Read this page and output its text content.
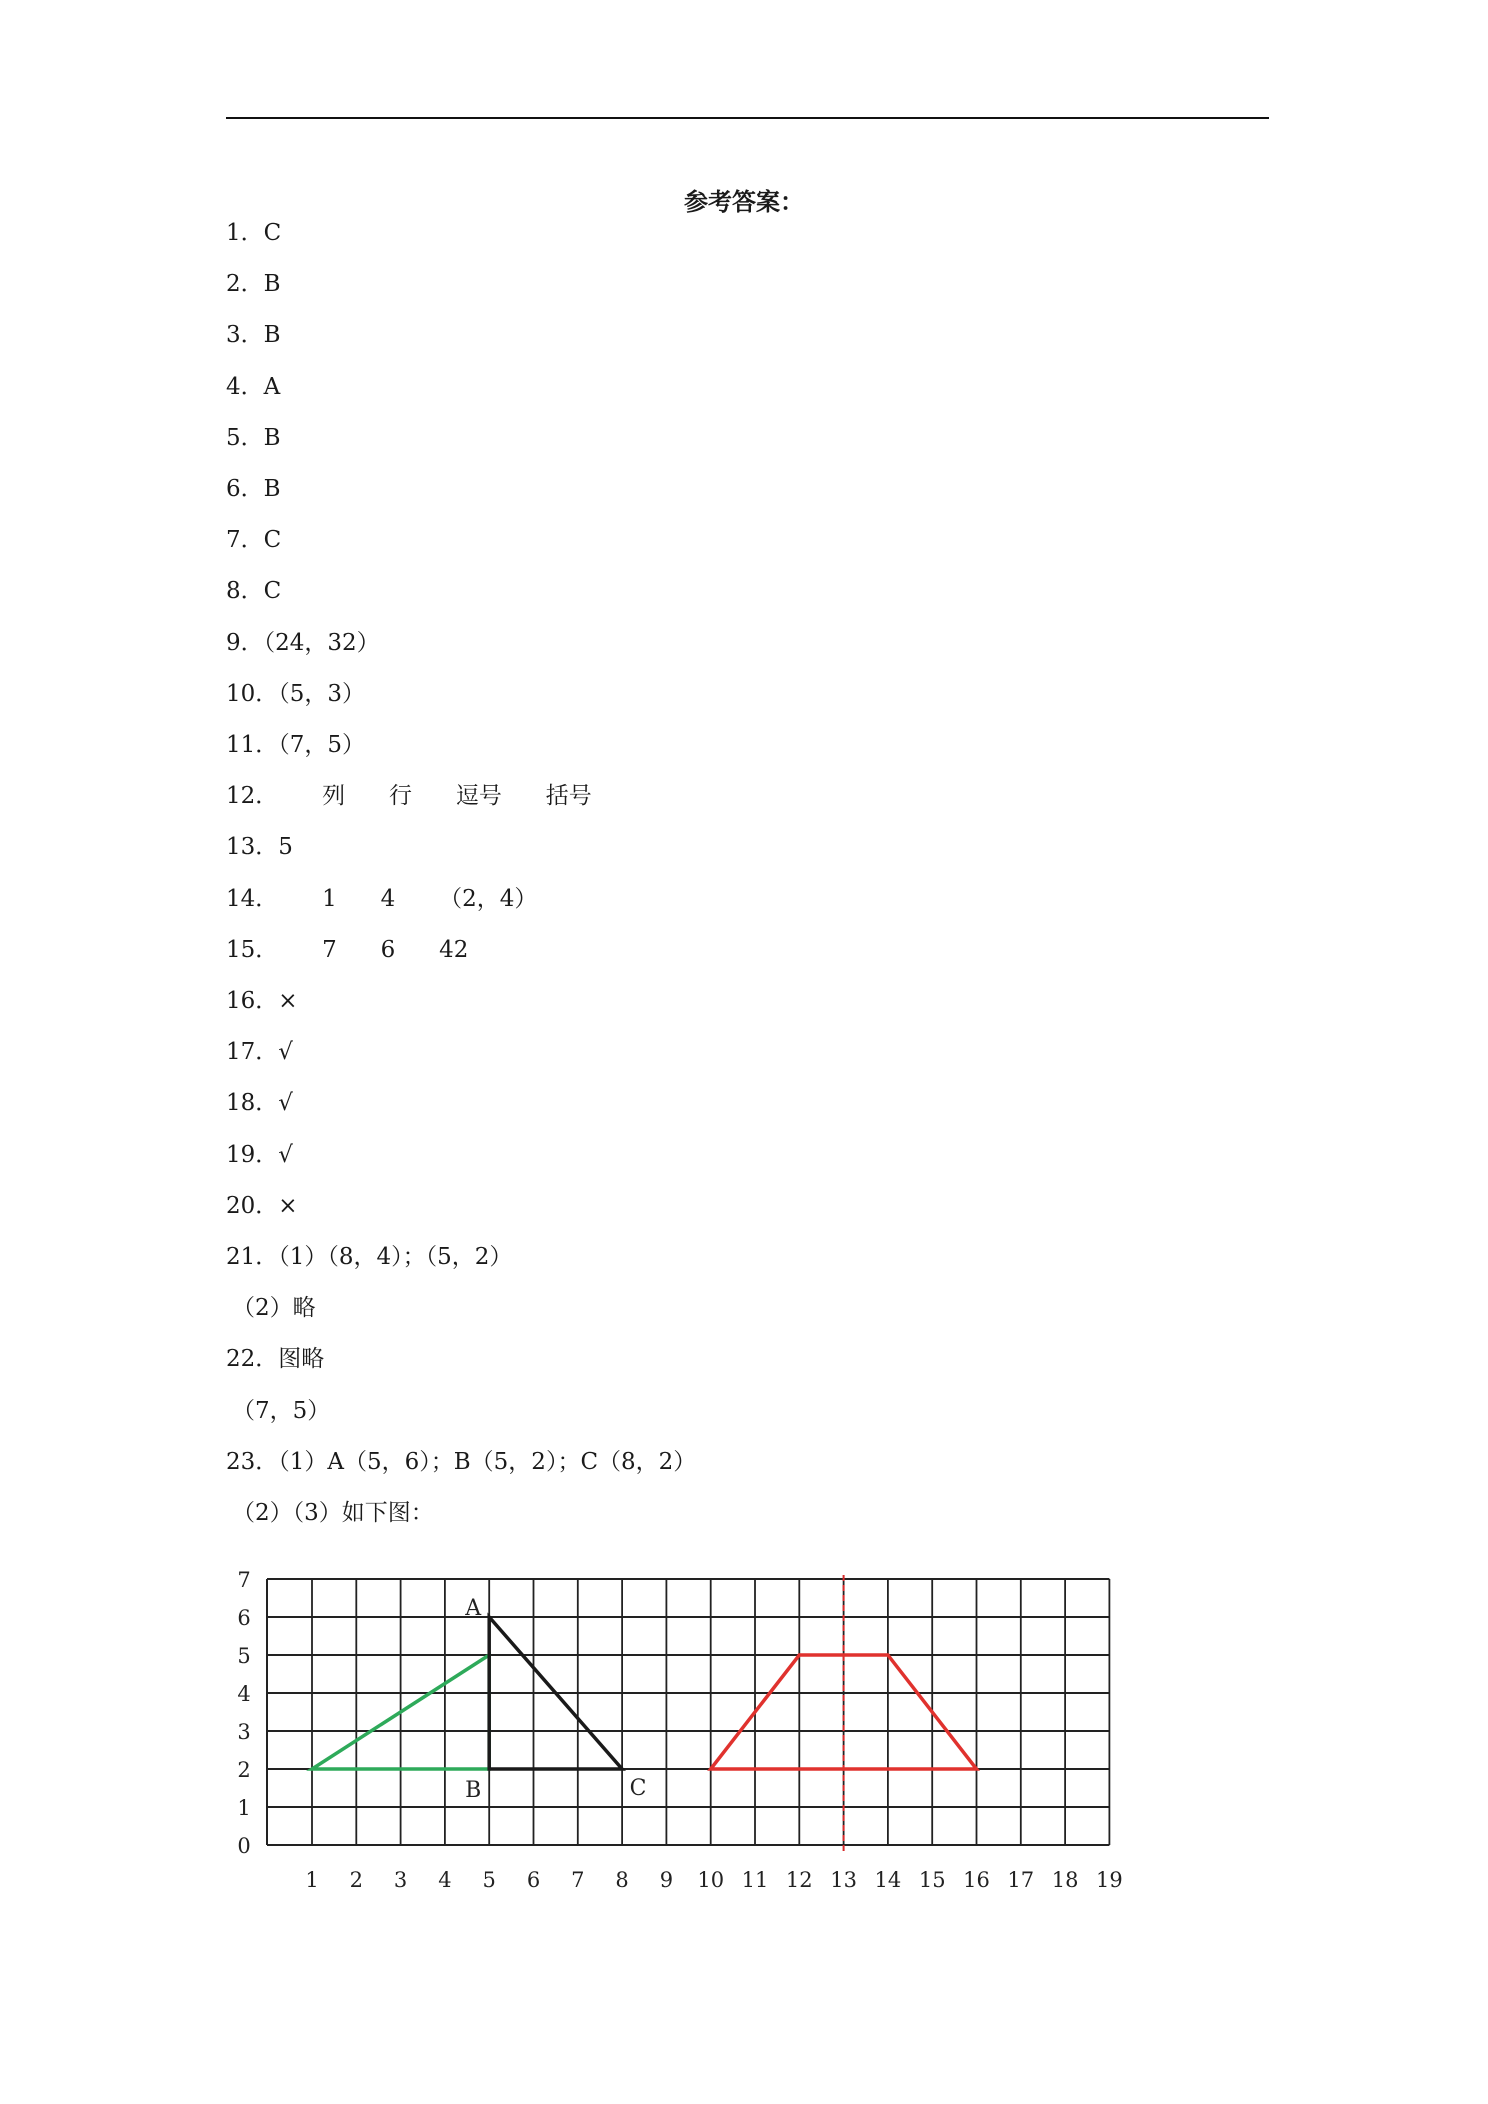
参考答案：
1．C
2．B
3．B
4．A
5．B
6．B
7．C
8．C
9．（24，32）
10．（5，3）
11．（7，5）
12．      列      行      逗号      括号
13．5
14．      1      4      （2，4）
15．      7      6      42
16．×
17．√
18．√
19．√
20．×
21．（1）（8，4）；（5，2）
（2）略
22．图略
（7，5）
23．（1）A（5，6）；B（5，2）；C（8，2）
（2）（3）如下图：
0
1
2
3
4
5
6
7
1 2 3 4 5 6 7 8 9 10 11 12 13 14 15 16 17 18 19
A
B	C
